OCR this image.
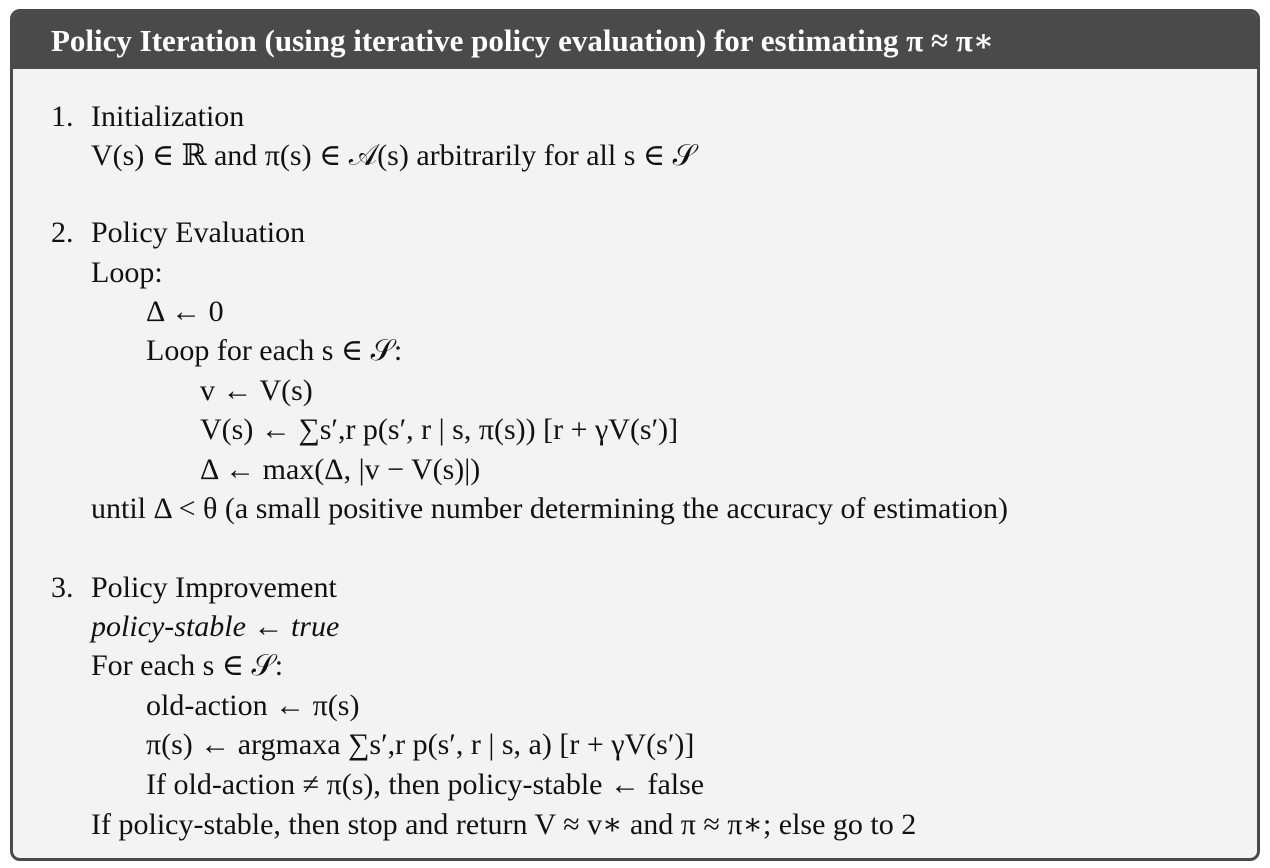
Policy Iteration (using iterative policy evaluation) for estimating π ≈ π∗
1. Initialization
V(s) ∈ ℝ and π(s) ∈ 𝒜(s) arbitrarily for all s ∈ 𝒮
2. Policy Evaluation
Loop:
Δ ← 0
Loop for each s ∈ 𝒮:
v ← V(s)
V(s) ← ∑s′,r p(s′, r | s, π(s)) [r + γV(s′)]
Δ ← max(Δ, |v − V(s)|)
until Δ < θ (a small positive number determining the accuracy of estimation)
3. Policy Improvement
policy-stable ← true
For each s ∈ 𝒮:
old-action ← π(s)
π(s) ← argmaxa ∑s′,r p(s′, r | s, a) [r + γV(s′)]
If old-action ≠ π(s), then policy-stable ← false
If policy-stable, then stop and return V ≈ v∗ and π ≈ π∗; else go to 2
